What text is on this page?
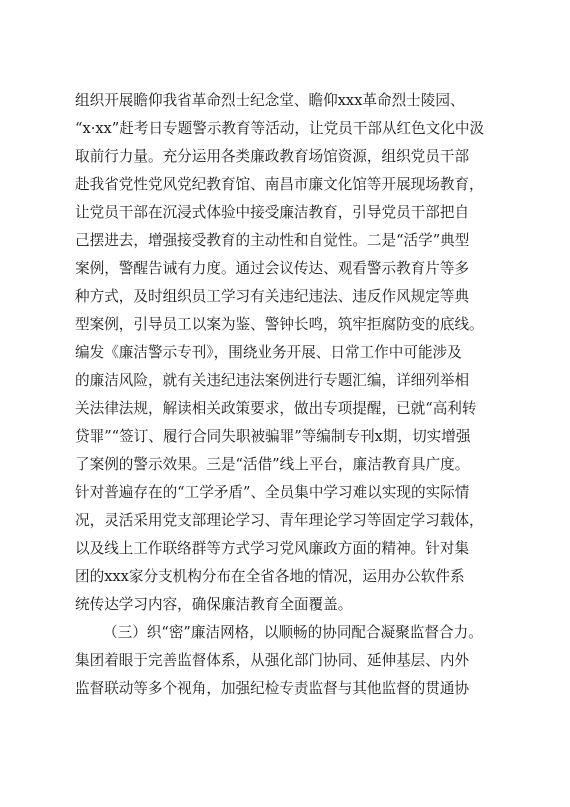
组织开展瞻仰我省革命烈士纪念堂、瞻仰xxx革命烈士陵园、
“x·xx”赶考日专题警示教育等活动，让党员干部从红色文化中汲
取前行力量。充分运用各类廉政教育场馆资源，组织党员干部
赴我省党性党风党纪教育馆、南昌市廉文化馆等开展现场教育，
让党员干部在沉浸式体验中接受廉洁教育，引导党员干部把自
己摆进去，增强接受教育的主动性和自觉性。二是“活学”典型
案例，警醒告诫有力度。通过会议传达、观看警示教育片等多
种方式，及时组织员工学习有关违纪违法、违反作风规定等典
型案例，引导员工以案为鉴、警钟长鸣，筑牢拒腐防变的底线。
编发《廉洁警示专刊》，围绕业务开展、日常工作中可能涉及
的廉洁风险，就有关违纪违法案例进行专题汇编，详细列举相
关法律法规，解读相关政策要求，做出专项提醒，已就“高利转
贷罪”“签订、履行合同失职被骗罪”等编制专刊x期，切实增强
了案例的警示效果。三是“活借”线上平台，廉洁教育具广度。
针对普遍存在的“工学矛盾”、全员集中学习难以实现的实际情
况，灵活采用党支部理论学习、青年理论学习等固定学习载体，
以及线上工作联络群等方式学习党风廉政方面的精神。针对集
团的xxx家分支机构分布在全省各地的情况，运用办公软件系
统传达学习内容，确保廉洁教育全面覆盖。
（三）织“密”廉洁网格，以顺畅的协同配合凝聚监督合力。
集团着眼于完善监督体系，从强化部门协同、延伸基层、内外
监督联动等多个视角，加强纪检专责监督与其他监督的贯通协
